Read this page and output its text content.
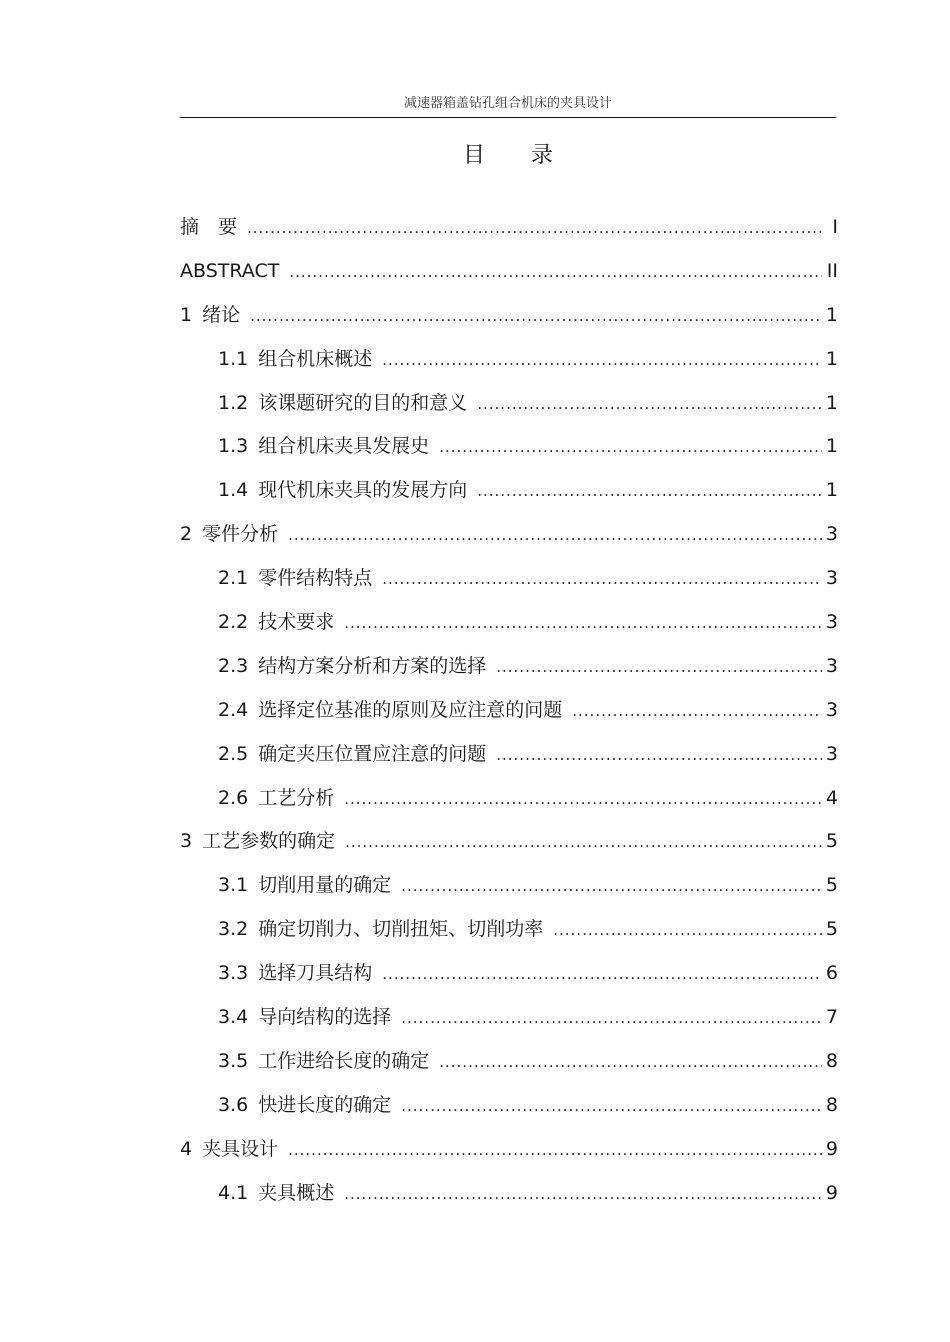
减速器箱盖钻孔组合机床的夹具设计
目录
摘　要 .....	I
ABSTRACT .....	II
1 绪论 .....	1
1.1 组合机床概述 .....	1
1.2 该课题研究的目的和意义 .....	1
1.3 组合机床夹具发展史 .....	1
1.4 现代机床夹具的发展方向 .....	1
2 零件分析 .....	3
2.1 零件结构特点 .....	3
2.2 技术要求 .....	3
2.3 结构方案分析和方案的选择 .....	3
2.4 选择定位基准的原则及应注意的问题 .....	3
2.5 确定夹压位置应注意的问题 .....	3
2.6 工艺分析 .....	4
3 工艺参数的确定 .....	5
3.1 切削用量的确定 .....	5
3.2 确定切削力、切削扭矩、切削功率 .....	5
3.3 选择刀具结构 .....	6
3.4 导向结构的选择 .....	7
3.5 工作进给长度的确定 .....	8
3.6 快进长度的确定 .....	8
4 夹具设计 .....	9
4.1 夹具概述 .....	9
